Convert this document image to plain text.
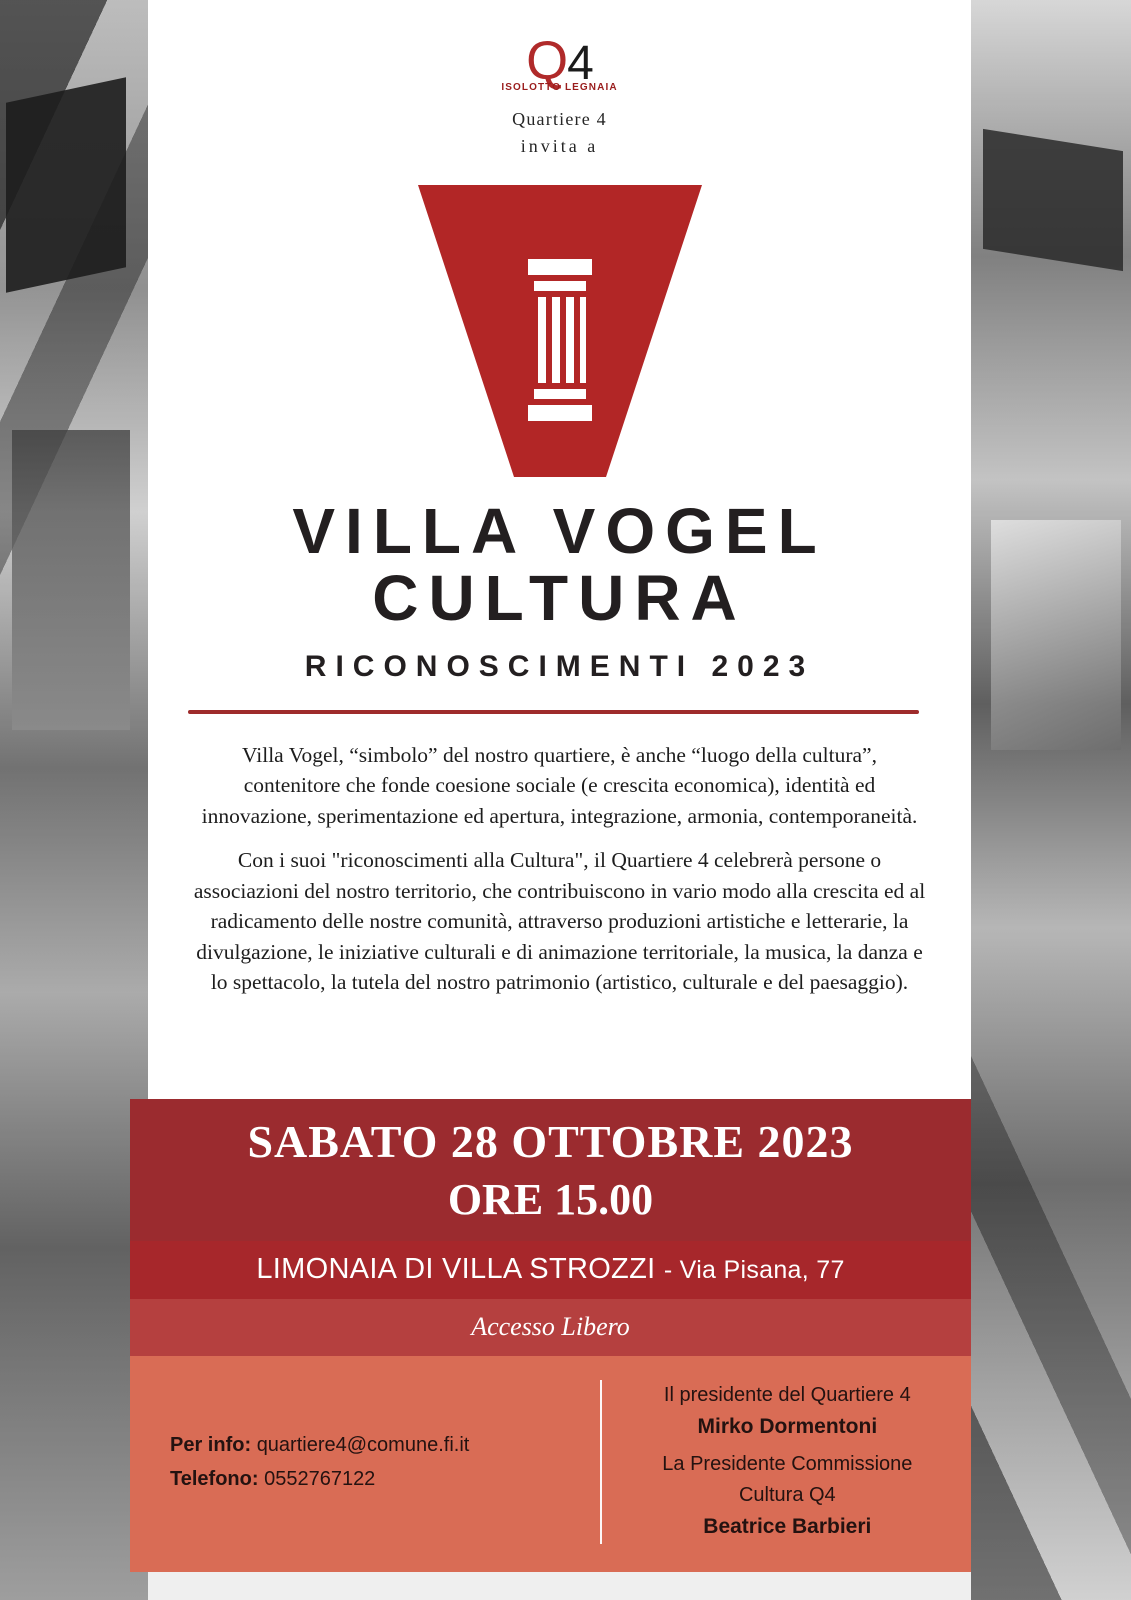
Q4
ISOLOTTO LEGNAIA
Quartiere 4
invita a
VILLA VOGEL
CULTURA
RICONOSCIMENTI 2023

Villa Vogel, “simbolo” del nostro quartiere, è anche “luogo della cultura”, contenitore che fonde coesione sociale (e crescita economica), identità ed innovazione, sperimentazione ed apertura, integrazione, armonia, contemporaneità.

Con i suoi "riconoscimenti alla Cultura", il Quartiere 4 celebrerà persone o associazioni del nostro territorio, che contribuiscono in vario modo alla crescita ed al radicamento delle nostre comunità, attraverso produzioni artistiche e letterarie, la divulgazione, le iniziative culturali e di animazione territoriale, la musica, la danza e lo spettacolo, la tutela del nostro patrimonio (artistico, culturale e del paesaggio).

SABATO 28 OTTOBRE 2023
ORE 15.00
LIMONAIA DI VILLA STROZZI - Via Pisana, 77
Accesso Libero
Per info: quartiere4@comune.fi.it
Telefono: 0552767122
Il presidente del Quartiere 4
Mirko Dormentoni
La Presidente Commissione Cultura Q4
Beatrice Barbieri
